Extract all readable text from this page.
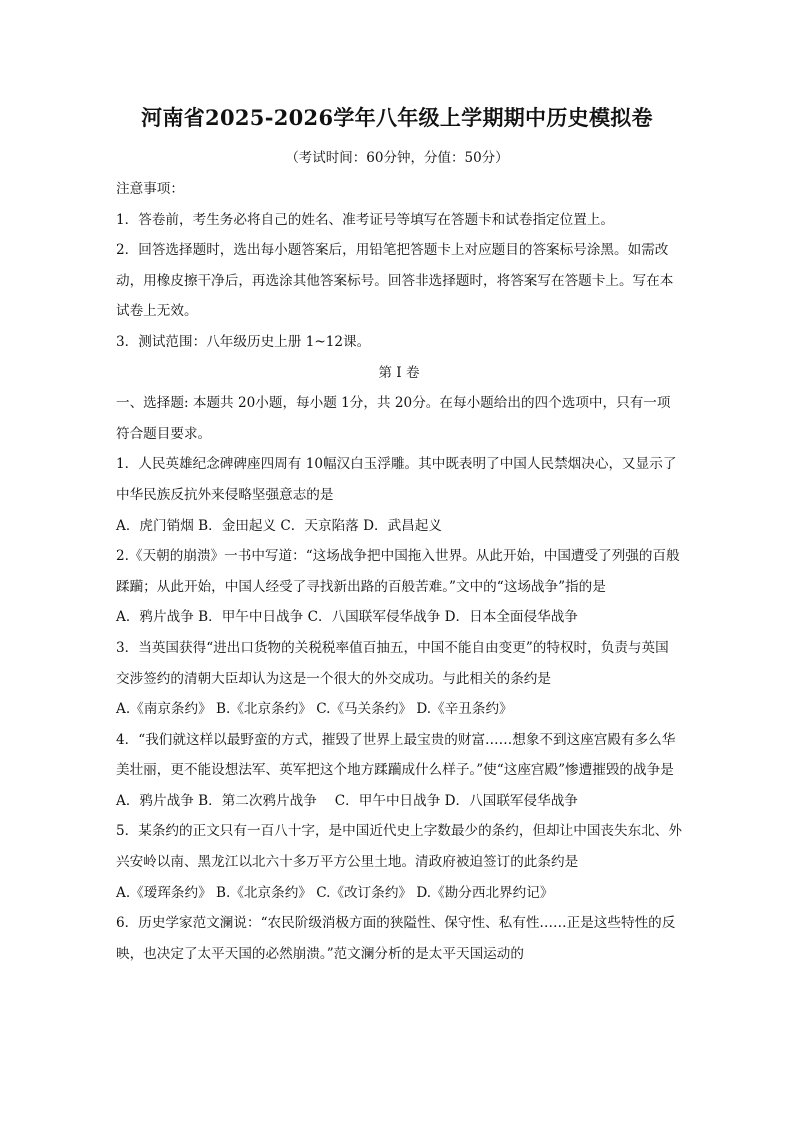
河南省2025-2026学年八年级上学期期中历史模拟卷
（考试时间：60分钟，分值：50分）

注意事项：

1．答卷前，考生务必将自己的姓名、准考证号等填写在答题卡和试卷指定位置上。

2．回答选择题时，选出每小题答案后，用铅笔把答题卡上对应题目的答案标号涂黑。如需改动，用橡皮擦干净后，再选涂其他答案标号。回答非选择题时，将答案写在答题卡上。写在本试卷上无效。

3．测试范围：八年级历史上册 1~12课。

第 I 卷

一、选择题: 本题共 20小题，每小题 1分，共 20分。在每小题给出的四个选项中，只有一项符合题目要求。

1．人民英雄纪念碑碑座四周有 10幅汉白玉浮雕。其中既表明了中国人民禁烟决心，又显示了中华民族反抗外来侵略坚强意志的是

A．虎门销烟 B．金田起义 C．天京陷落 D．武昌起义

2.《天朝的崩溃》一书中写道：“这场战争把中国拖入世界。从此开始，中国遭受了列强的百般蹂躏；从此开始，中国人经受了寻找新出路的百般苦难。”文中的“这场战争”指的是

A．鸦片战争 B．甲午中日战争 C．八国联军侵华战争 D．日本全面侵华战争

3．当英国获得“进出口货物的关税税率值百抽五，中国不能自由变更”的特权时，负责与英国交涉签约的清朝大臣却认为这是一个很大的外交成功。与此相关的条约是

A.《南京条约》 B.《北京条约》 C.《马关条约》 D.《辛丑条约》

4．“我们就这样以最野蛮的方式，摧毁了世界上最宝贵的财富……想象不到这座宫殿有多么华美壮丽，更不能设想法军、英军把这个地方蹂躏成什么样子。”使“这座宫殿”惨遭摧毁的战争是

A．鸦片战争 B．第二次鸦片战争　 C．甲午中日战争 D．八国联军侵华战争

5．某条约的正文只有一百八十字，是中国近代史上字数最少的条约，但却让中国丧失东北、外兴安岭以南、黑龙江以北六十多万平方公里土地。清政府被迫签订的此条约是

A.《瑷珲条约》 B.《北京条约》 C.《改订条约》 D.《勘分西北界约记》

6．历史学家范文澜说：“农民阶级消极方面的狭隘性、保守性、私有性……正是这些特性的反映，也决定了太平天国的必然崩溃。”范文澜分析的是太平天国运动的
